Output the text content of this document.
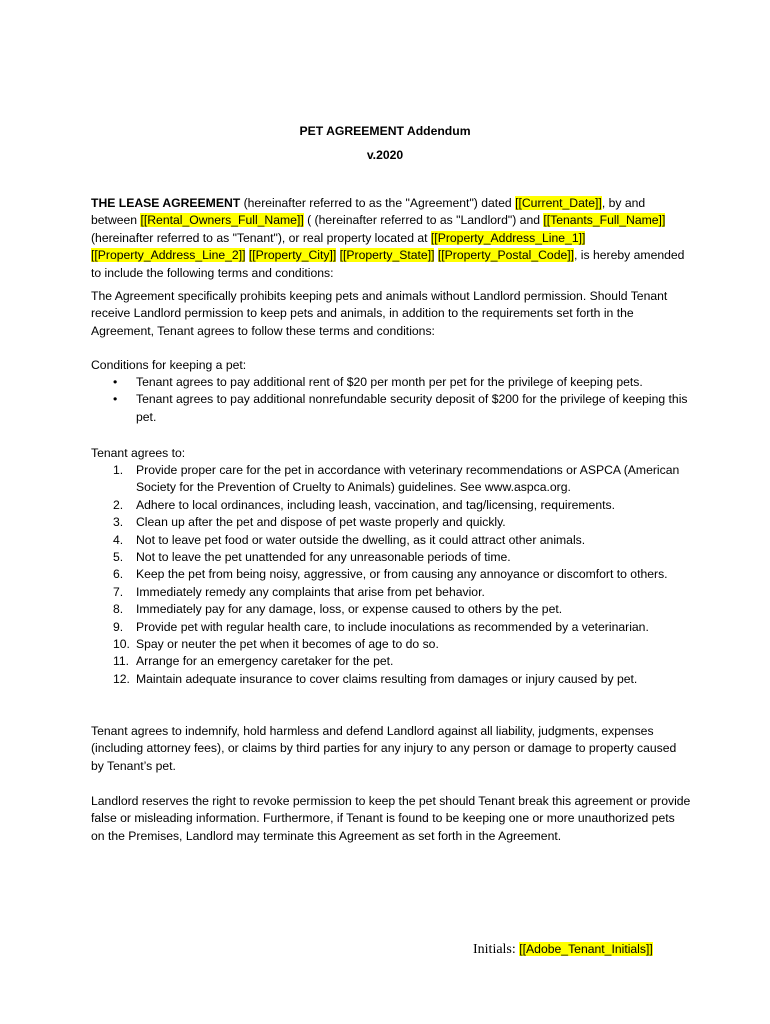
PET AGREEMENT Addendum
v.2020

THE LEASE AGREEMENT (hereinafter referred to as the "Agreement") dated [[Current_Date]], by and between [[Rental_Owners_Full_Name]] ( (hereinafter referred to as "Landlord") and [[Tenants_Full_Name]] (hereinafter referred to as "Tenant"), or real property located at [[Property_Address_Line_1]] [[Property_Address_Line_2]] [[Property_City]] [[Property_State]] [[Property_Postal_Code]], is hereby amended to include the following terms and conditions:

The Agreement specifically prohibits keeping pets and animals without Landlord permission. Should Tenant receive Landlord permission to keep pets and animals, in addition to the requirements set forth in the Agreement, Tenant agrees to follow these terms and conditions:

Conditions for keeping a pet:

• Tenant agrees to pay additional rent of $20 per month per pet for the privilege of keeping pets.
• Tenant agrees to pay additional nonrefundable security deposit of $200 for the privilege of keeping this pet.

Tenant agrees to:

1. Provide proper care for the pet in accordance with veterinary recommendations or ASPCA (American Society for the Prevention of Cruelty to Animals) guidelines. See www.aspca.org.
2. Adhere to local ordinances, including leash, vaccination, and tag/licensing, requirements.
3. Clean up after the pet and dispose of pet waste properly and quickly.
4. Not to leave pet food or water outside the dwelling, as it could attract other animals.
5. Not to leave the pet unattended for any unreasonable periods of time.
6. Keep the pet from being noisy, aggressive, or from causing any annoyance or discomfort to others.
7. Immediately remedy any complaints that arise from pet behavior.
8. Immediately pay for any damage, loss, or expense caused to others by the pet.
9. Provide pet with regular health care, to include inoculations as recommended by a veterinarian.
10. Spay or neuter the pet when it becomes of age to do so.
11. Arrange for an emergency caretaker for the pet.
12. Maintain adequate insurance to cover claims resulting from damages or injury caused by pet.

Tenant agrees to indemnify, hold harmless and defend Landlord against all liability, judgments, expenses (including attorney fees), or claims by third parties for any injury to any person or damage to property caused by Tenant’s pet.

Landlord reserves the right to revoke permission to keep the pet should Tenant break this agreement or provide false or misleading information. Furthermore, if Tenant is found to be keeping one or more unauthorized pets on the Premises, Landlord may terminate this Agreement as set forth in the Agreement.

Initials: [[Adobe_Tenant_Initials]]
